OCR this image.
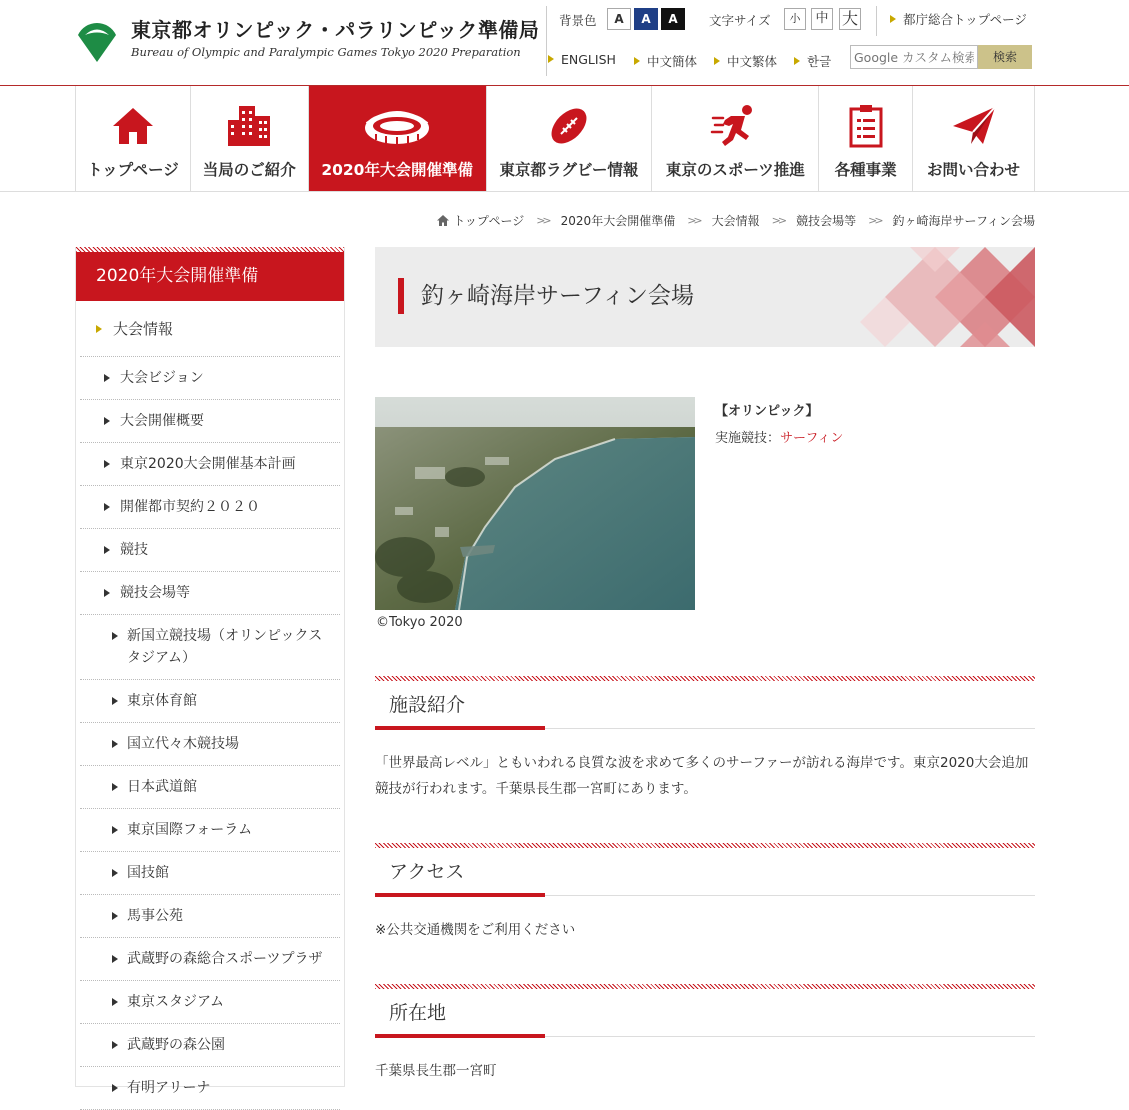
東京都オリンピック・パラリンピック準備局
Bureau of Olympic and Paralympic Games Tokyo 2020 Preparation
背景色	A	A	A	文字サイズ	小	中 大	都庁総合トップページ
ENGLISH	中文簡体	中文繁体	한글
Google カスタム検索	検索
トップページ	当局のご紹介	2020年大会開催準備	東京都ラグビー情報	東京のスポーツ推進	各種事業	お問い合わせ
トップページ >> 2020年大会開催準備 >> 大会情報 >> 競技会場等 >> 釣ヶ崎海岸サーフィン会場
2020年大会開催準備
大会情報
大会ビジョン
大会開催概要
東京2020大会開催基本計画
開催都市契約２０２０
競技
競技会場等
新国立競技場（オリンピックスタジアム）
東京体育館
国立代々木競技場
日本武道館
東京国際フォーラム
国技館
馬事公苑
武蔵野の森総合スポーツプラザ
東京スタジアム
武蔵野の森公園
有明アリーナ
釣ヶ崎海岸サーフィン会場
©Tokyo 2020
【オリンピック】
実施競技：サーフィン
施設紹介
「世界最高レベル」ともいわれる良質な波を求めて多くのサーファーが訪れる海岸です。東京2020大会追加競技が行われます。千葉県長生郡一宮町にあります。
アクセス
※公共交通機関をご利用ください
所在地
千葉県長生郡一宮町
